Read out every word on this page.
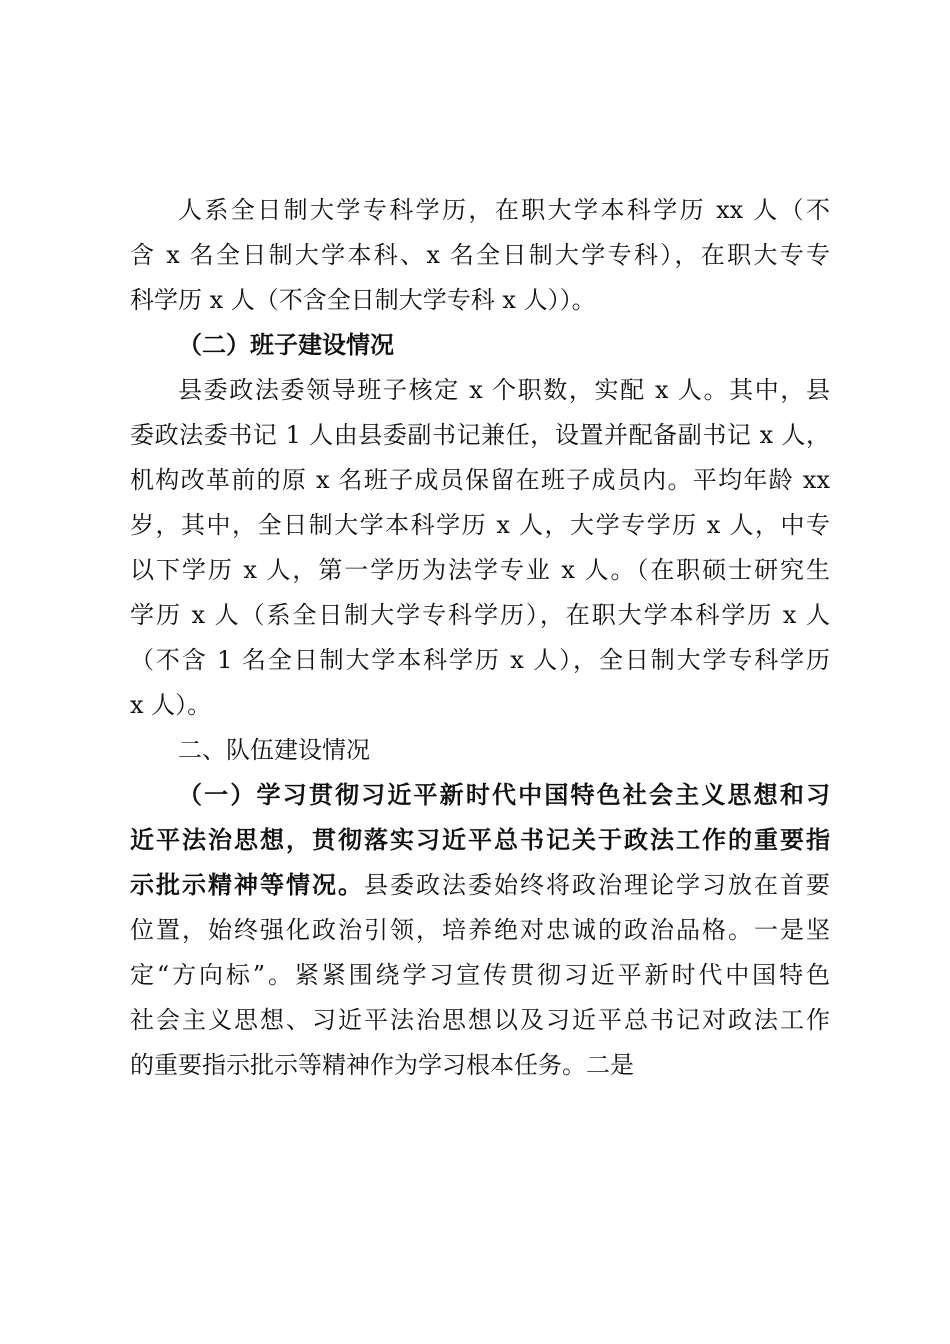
人系全日制大学专科学历，在职大学本科学历 xx 人（不
含 x 名全日制大学本科、x 名全日制大学专科），在职大专专
科学历 x 人（不含全日制大学专科 x 人））。
（二）班子建设情况
县委政法委领导班子核定 x 个职数，实配 x 人。其中，县
委政法委书记 1 人由县委副书记兼任，设置并配备副书记 x 人，
机构改革前的原 x 名班子成员保留在班子成员内。平均年龄 xx
岁，其中，全日制大学本科学历 x 人，大学专学历 x 人，中专
以下学历 x 人，第一学历为法学专业 x 人。（在职硕士研究生
学历 x 人（系全日制大学专科学历），在职大学本科学历 x 人
（不含 1 名全日制大学本科学历 x 人），全日制大学专科学历
x 人）。
二、队伍建设情况
（一）学习贯彻习近平新时代中国特色社会主义思想和习
近平法治思想，贯彻落实习近平总书记关于政法工作的重要指
示批示精神等情况。县委政法委始终将政治理论学习放在首要
位置，始终强化政治引领，培养绝对忠诚的政治品格。一是坚
定“方向标”。紧紧围绕学习宣传贯彻习近平新时代中国特色
社会主义思想、习近平法治思想以及习近平总书记对政法工作
的重要指示批示等精神作为学习根本任务。二是
